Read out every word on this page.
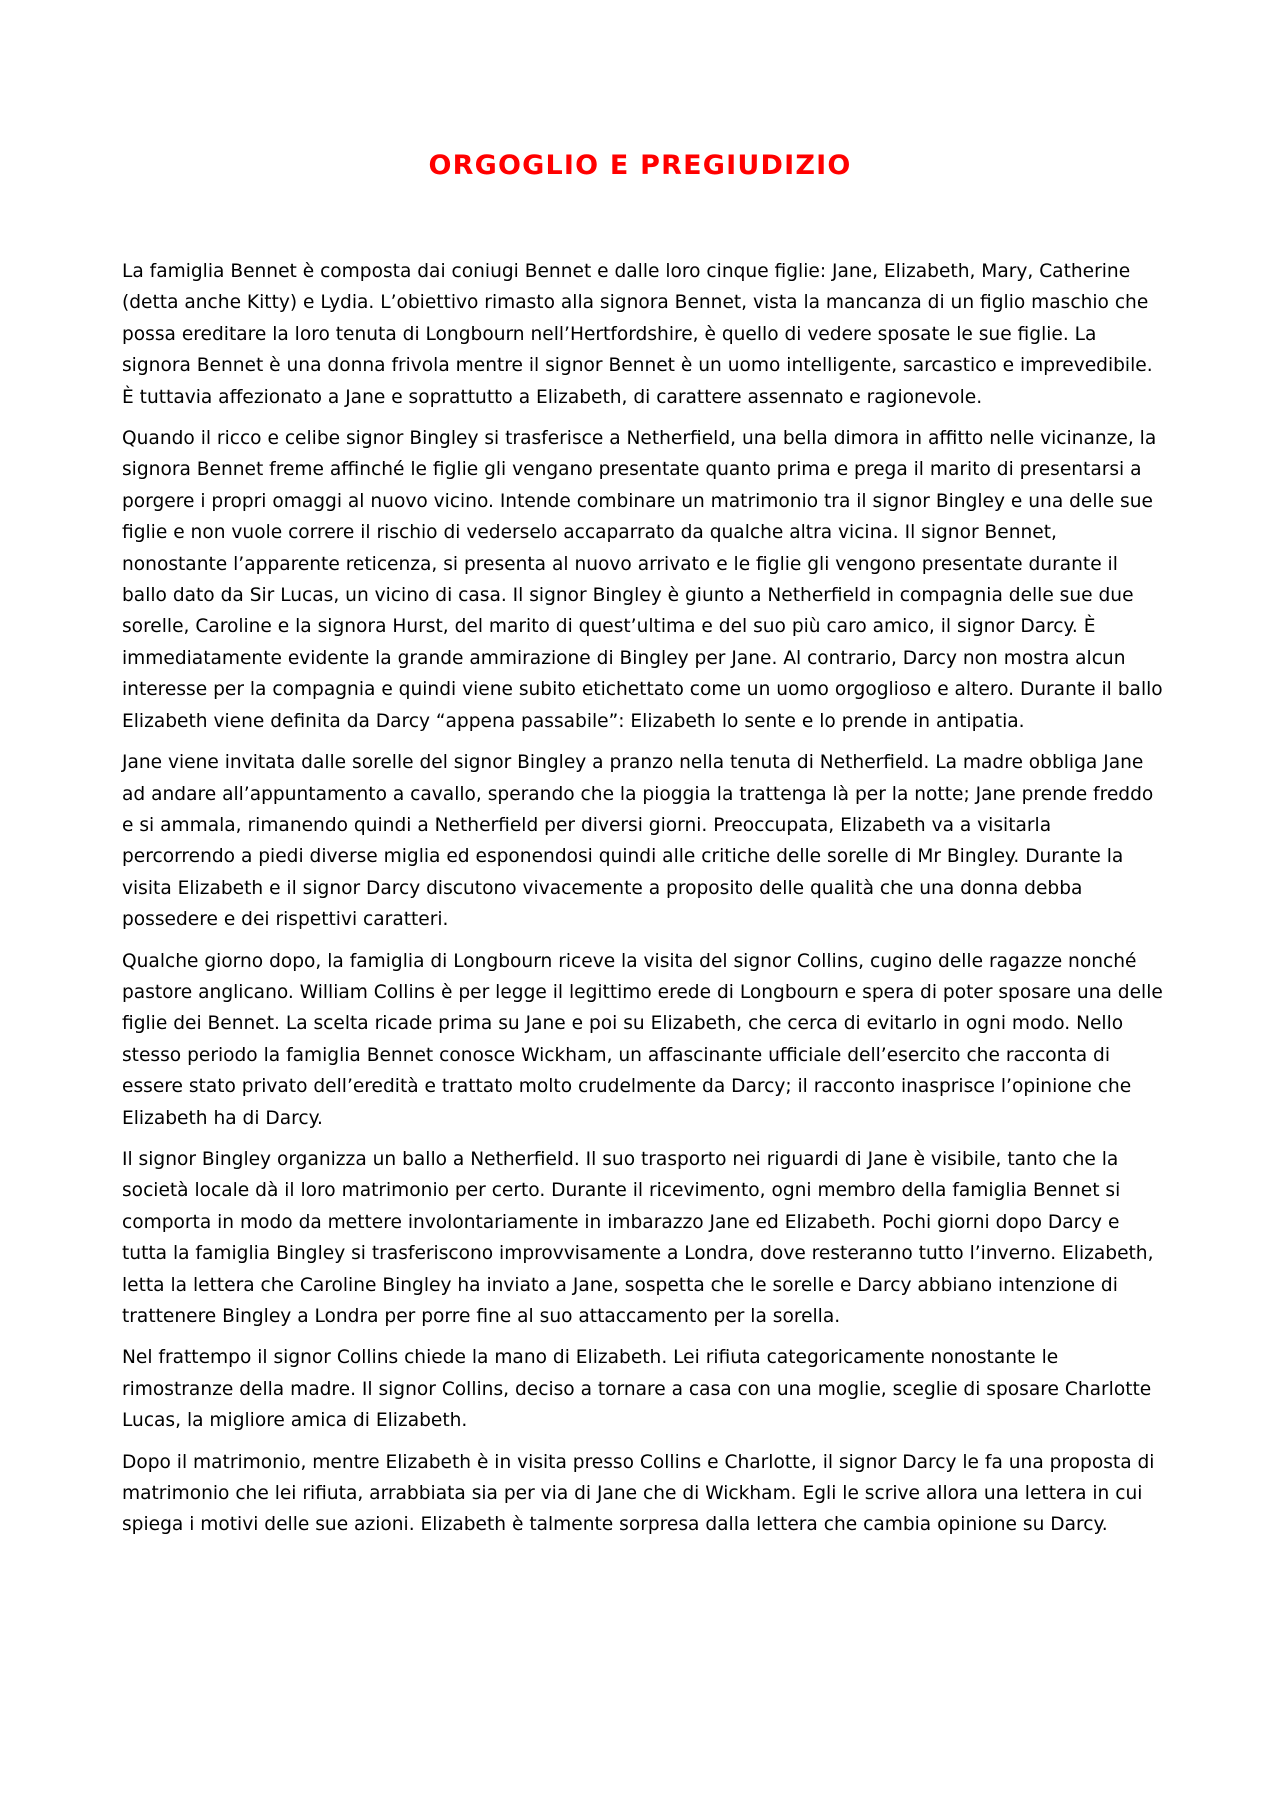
ORGOGLIO E PREGIUDIZIO

La famiglia Bennet è composta dai coniugi Bennet e dalle loro cinque figlie: Jane, Elizabeth, Mary, Catherine (detta anche Kitty) e Lydia. L’obiettivo rimasto alla signora Bennet, vista la mancanza di un figlio maschio che possa ereditare la loro tenuta di Longbourn nell’Hertfordshire, è quello di vedere sposate le sue figlie. La signora Bennet è una donna frivola mentre il signor Bennet è un uomo intelligente, sarcastico e imprevedibile. È tuttavia affezionato a Jane e soprattutto a Elizabeth, di carattere assennato e ragionevole.

Quando il ricco e celibe signor Bingley si trasferisce a Netherfield, una bella dimora in affitto nelle vicinanze, la signora Bennet freme affinché le figlie gli vengano presentate quanto prima e prega il marito di presentarsi a porgere i propri omaggi al nuovo vicino. Intende combinare un matrimonio tra il signor Bingley e una delle sue figlie e non vuole correre il rischio di vederselo accaparrato da qualche altra vicina. Il signor Bennet, nonostante l’apparente reticenza, si presenta al nuovo arrivato e le figlie gli vengono presentate durante il ballo dato da Sir Lucas, un vicino di casa. Il signor Bingley è giunto a Netherfield in compagnia delle sue due sorelle, Caroline e la signora Hurst, del marito di quest’ultima e del suo più caro amico, il signor Darcy. È immediatamente evidente la grande ammirazione di Bingley per Jane. Al contrario, Darcy non mostra alcun interesse per la compagnia e quindi viene subito etichettato come un uomo orgoglioso e altero. Durante il ballo Elizabeth viene definita da Darcy “appena passabile”: Elizabeth lo sente e lo prende in antipatia.

Jane viene invitata dalle sorelle del signor Bingley a pranzo nella tenuta di Netherfield. La madre obbliga Jane ad andare all’appuntamento a cavallo, sperando che la pioggia la trattenga là per la notte; Jane prende freddo e si ammala, rimanendo quindi a Netherfield per diversi giorni. Preoccupata, Elizabeth va a visitarla percorrendo a piedi diverse miglia ed esponendosi quindi alle critiche delle sorelle di Mr Bingley. Durante la visita Elizabeth e il signor Darcy discutono vivacemente a proposito delle qualità che una donna debba possedere e dei rispettivi caratteri.

Qualche giorno dopo, la famiglia di Longbourn riceve la visita del signor Collins, cugino delle ragazze nonché pastore anglicano. William Collins è per legge il legittimo erede di Longbourn e spera di poter sposare una delle figlie dei Bennet. La scelta ricade prima su Jane e poi su Elizabeth, che cerca di evitarlo in ogni modo. Nello stesso periodo la famiglia Bennet conosce Wickham, un affascinante ufficiale dell’esercito che racconta di essere stato privato dell’eredità e trattato molto crudelmente da Darcy; il racconto inasprisce l’opinione che Elizabeth ha di Darcy.

Il signor Bingley organizza un ballo a Netherfield. Il suo trasporto nei riguardi di Jane è visibile, tanto che la società locale dà il loro matrimonio per certo. Durante il ricevimento, ogni membro della famiglia Bennet si comporta in modo da mettere involontariamente in imbarazzo Jane ed Elizabeth. Pochi giorni dopo Darcy e tutta la famiglia Bingley si trasferiscono improvvisamente a Londra, dove resteranno tutto l’inverno. Elizabeth, letta la lettera che Caroline Bingley ha inviato a Jane, sospetta che le sorelle e Darcy abbiano intenzione di trattenere Bingley a Londra per porre fine al suo attaccamento per la sorella.

Nel frattempo il signor Collins chiede la mano di Elizabeth. Lei rifiuta categoricamente nonostante le rimostranze della madre. Il signor Collins, deciso a tornare a casa con una moglie, sceglie di sposare Charlotte Lucas, la migliore amica di Elizabeth.

Dopo il matrimonio, mentre Elizabeth è in visita presso Collins e Charlotte, il signor Darcy le fa una proposta di matrimonio che lei rifiuta, arrabbiata sia per via di Jane che di Wickham. Egli le scrive allora una lettera in cui spiega i motivi delle sue azioni. Elizabeth è talmente sorpresa dalla lettera che cambia opinione su Darcy.
